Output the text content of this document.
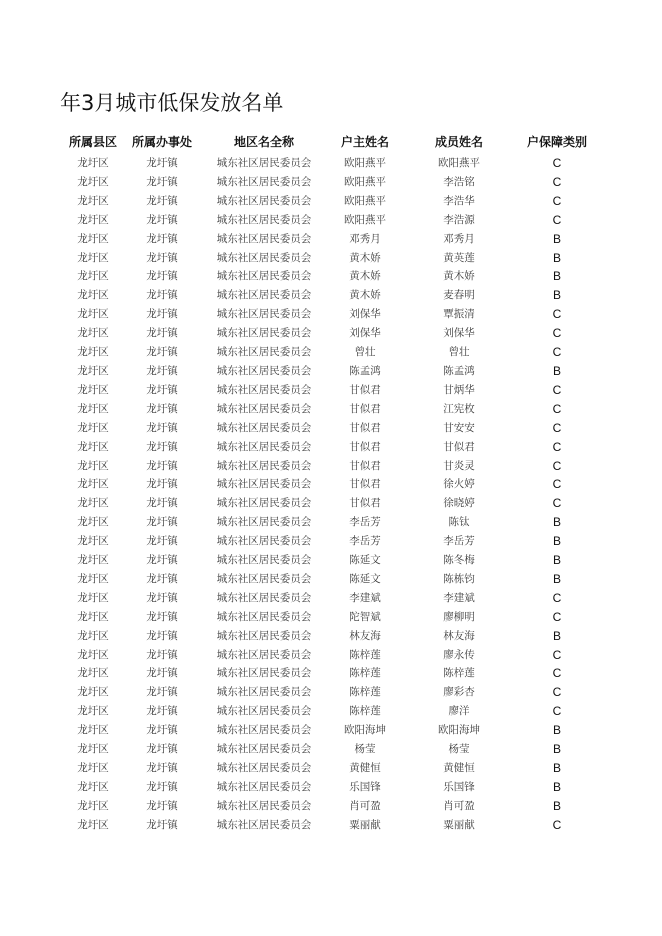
年3月城市低保发放名单
所属县区	所属办事处	地区名全称	户主姓名	成员姓名	户保障类别
龙圩区	龙圩镇	城东社区居民委员会	欧阳燕平	欧阳燕平	C
龙圩区	龙圩镇	城东社区居民委员会	欧阳燕平	李浩铭	C
龙圩区	龙圩镇	城东社区居民委员会	欧阳燕平	李浩华	C
龙圩区	龙圩镇	城东社区居民委员会	欧阳燕平	李浩源	C
龙圩区	龙圩镇	城东社区居民委员会	邓秀月	邓秀月	B
龙圩区	龙圩镇	城东社区居民委员会	黄木娇	黄英莲	B
龙圩区	龙圩镇	城东社区居民委员会	黄木娇	黄木娇	B
龙圩区	龙圩镇	城东社区居民委员会	黄木娇	麦春明	B
龙圩区	龙圩镇	城东社区居民委员会	刘保华	覃振清	C
龙圩区	龙圩镇	城东社区居民委员会	刘保华	刘保华	C
龙圩区	龙圩镇	城东社区居民委员会	曾壮	曾壮	C
龙圩区	龙圩镇	城东社区居民委员会	陈孟鸿	陈孟鸿	B
龙圩区	龙圩镇	城东社区居民委员会	甘似君	甘炳华	C
龙圩区	龙圩镇	城东社区居民委员会	甘似君	江宪枚	C
龙圩区	龙圩镇	城东社区居民委员会	甘似君	甘安安	C
龙圩区	龙圩镇	城东社区居民委员会	甘似君	甘似君	C
龙圩区	龙圩镇	城东社区居民委员会	甘似君	甘炎灵	C
龙圩区	龙圩镇	城东社区居民委员会	甘似君	徐火婷	C
龙圩区	龙圩镇	城东社区居民委员会	甘似君	徐晓婷	C
龙圩区	龙圩镇	城东社区居民委员会	李岳芳	陈钛	B
龙圩区	龙圩镇	城东社区居民委员会	李岳芳	李岳芳	B
龙圩区	龙圩镇	城东社区居民委员会	陈延文	陈冬梅	B
龙圩区	龙圩镇	城东社区居民委员会	陈延文	陈栋钧	B
龙圩区	龙圩镇	城东社区居民委员会	李建斌	李建斌	C
龙圩区	龙圩镇	城东社区居民委员会	陀智斌	廖柳明	C
龙圩区	龙圩镇	城东社区居民委员会	林友海	林友海	B
龙圩区	龙圩镇	城东社区居民委员会	陈梓莲	廖永传	C
龙圩区	龙圩镇	城东社区居民委员会	陈梓莲	陈梓莲	C
龙圩区	龙圩镇	城东社区居民委员会	陈梓莲	廖彩杏	C
龙圩区	龙圩镇	城东社区居民委员会	陈梓莲	廖洋	C
龙圩区	龙圩镇	城东社区居民委员会	欧阳海坤	欧阳海坤	B
龙圩区	龙圩镇	城东社区居民委员会	杨莹	杨莹	B
龙圩区	龙圩镇	城东社区居民委员会	黄健恒	黄健恒	B
龙圩区	龙圩镇	城东社区居民委员会	乐国锋	乐国锋	B
龙圩区	龙圩镇	城东社区居民委员会	肖可盈	肖可盈	B
龙圩区	龙圩镇	城东社区居民委员会	粟丽献	粟丽献	C
